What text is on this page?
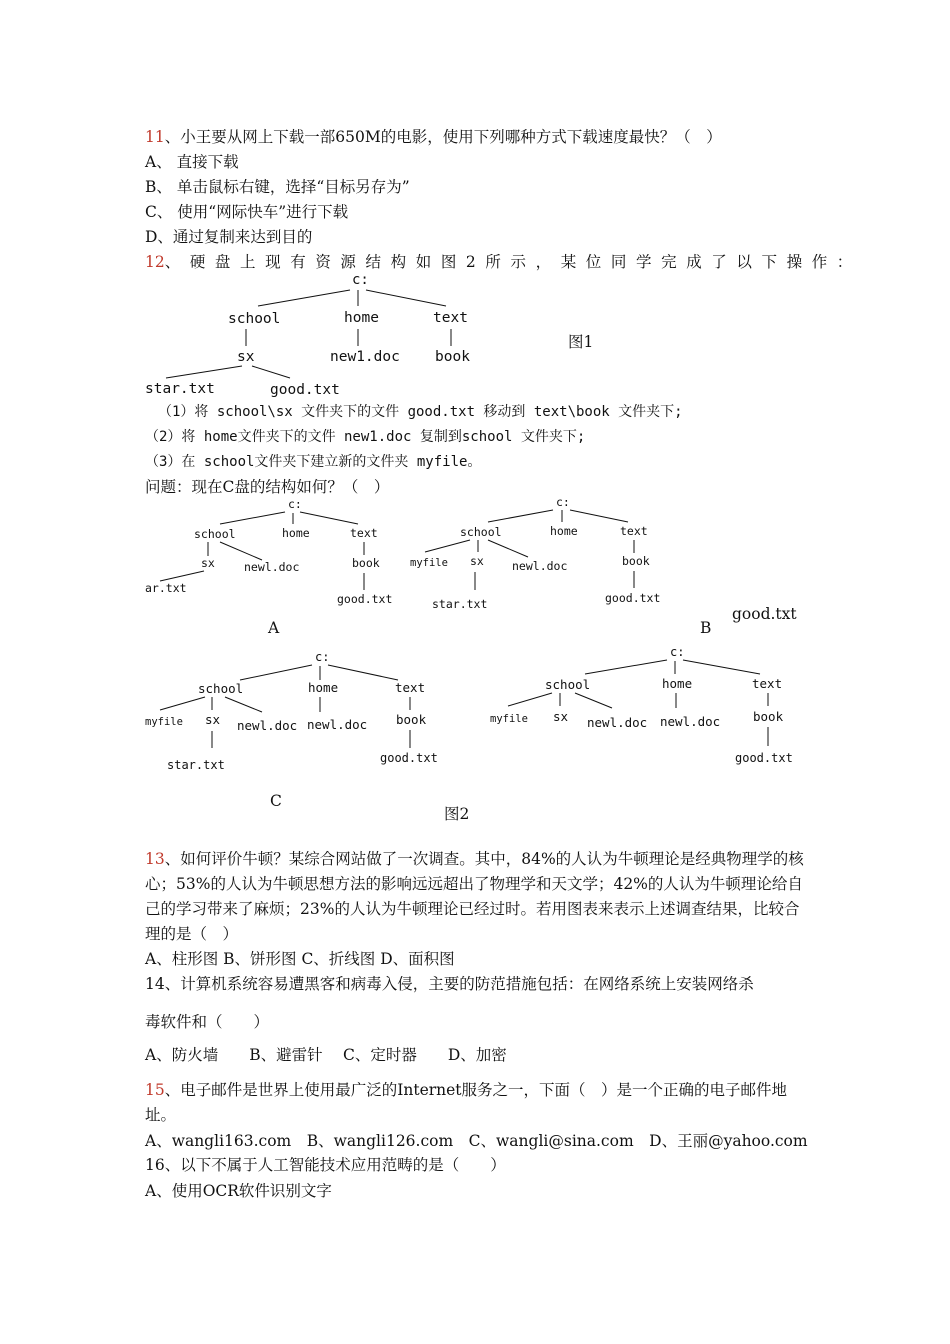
11、小王要从网上下载一部650M的电影，使用下列哪种方式下载速度最快？（　）
A、 直接下载
B、 单击鼠标右键，选择“目标另存为”
C、 使用“网际快车”进行下载
D、通过复制来达到目的
12、硬盘上现有资源结构如图2所示，某位同学完成了以下操作：
c:
school	home	text
sx	new1.doc book
star.txt	good.txt
图1
（1）将 school\sx 文件夹下的文件 good.txt 移动到 text\book 文件夹下;
（2）将 home文件夹下的文件 new1.doc 复制到school 文件夹下;
（3）在 school文件夹下建立新的文件夹 myfile。
问题：现在C盘的结构如何？（　）
c:
school	home	text
sx	newl.doc	book
ar.txt
good.txt
c:
school	home	text
myfile sx newl.doc	book
star.txt	good.txt
c:
school	home	text
myfile sx newl.doc newl.doc book
star.txt	good.txt
c:
school	home	text
myfile sx newl.doc newl.doc	book
good.txt
A	B
good.txt
C
图2
13、如何评价牛顿？某综合网站做了一次调查。其中，84%的人认为牛顿理论是经典物理学的核心；53%的人认为牛顿思想方法的影响远远超出了物理学和天文学；42%的人认为牛顿理论给自己的学习带来了麻烦；23%的人认为牛顿理论已经过时。若用图表来表示上述调查结果，比较合理的是（　）
A、柱形图 B、饼形图 C、折线图 D、面积图
14、计算机系统容易遭黑客和病毒入侵，主要的防范措施包括：在网络系统上安装网络杀
毒软件和（　　）
A、防火墙　　B、避雷针　 C、定时器　　D、加密
15、电子邮件是世界上使用最广泛的Internet服务之一，下面（　）是一个正确的电子邮件地址。
A、wangli163.com　B、wangli126.com　C、wangli@sina.com　D、王丽@yahoo.com
16、以下不属于人工智能技术应用范畴的是（　　）
A、使用OCR软件识别文字
